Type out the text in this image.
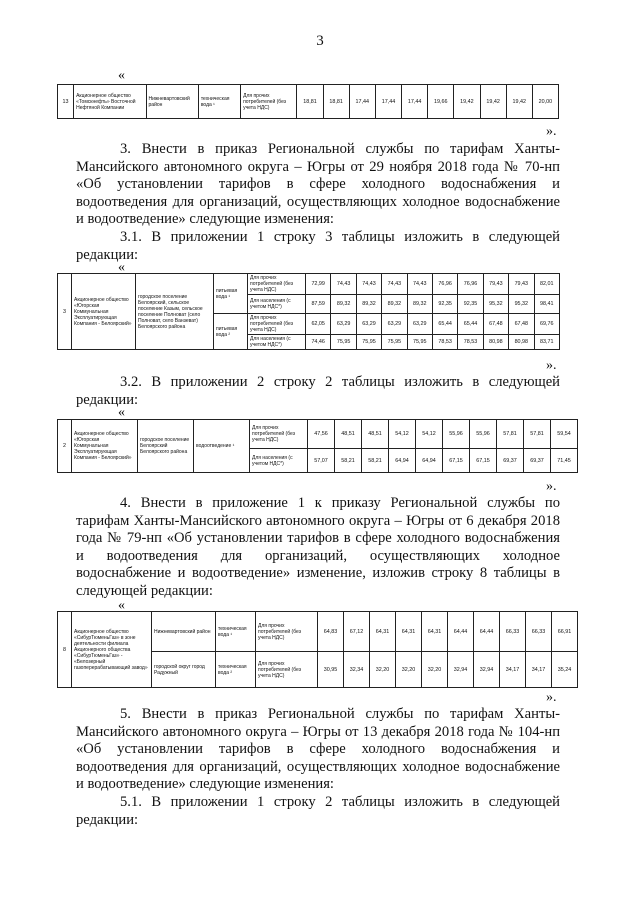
3
«
13	Акционерное общество «Томскнефть» Восточной Нефтяной Компании	Нижневартовский район	техническая вода ¹	Для прочих потребителей (без учета НДС)	18,81	18,81	17,44	17,44	17,44	19,66	19,42	19,42	19,42	20,00
».
3. Внести в приказ Региональной службы по тарифам Ханты-Мансийского автономного округа – Югры от 29 ноября 2018 года № 70-нп «Об установлении тарифов в сфере холодного водоснабжения и водоотведения для организаций, осуществляющих холодное водоснабжение и водоотведение» следующие изменения:
3.1. В приложении 1 строку 3 таблицы изложить в следующей редакции:
«
3	Акционерное общество «Югорская Коммунальная Эксплуатирующая Компания - Белоярский»	городское поселение Белоярский, сельское поселение Казым, сельское поселение Полноват (село Полноват, село Ванзеват) Белоярского района	питьевая вода ¹	Для прочих потребителей (без учета НДС)	72,99	74,43	74,43	74,43	74,43	76,96	76,96	79,43	79,43	82,01
				Для населения (с учетом НДС*)	87,59	89,32	89,32	89,32	89,32	92,35	92,35	95,32	95,32	98,41
			питьевая вода ²	Для прочих потребителей (без учета НДС)	62,05	63,29	63,29	63,29	63,29	65,44	65,44	67,48	67,48	69,76
				Для населения (с учетом НДС*)	74,46	75,95	75,95	75,95	75,95	78,53	78,53	80,98	80,98	83,71
».
3.2. В приложении 2 строку 2 таблицы изложить в следующей редакции:
«
2	Акционерное общество «Югорская Коммунальная Эксплуатирующая Компания - Белоярский»	городское поселение Белоярский Белоярского района	водоотведение ¹	Для прочих потребителей (без учета НДС)	47,56	48,51	48,51	54,12	54,12	55,96	55,96	57,81	57,81	59,54
				Для населения (с учетом НДС*)	57,07	58,21	58,21	64,94	64,94	67,15	67,15	69,37	69,37	71,45
».
4. Внести в приложение 1 к приказу Региональной службы по тарифам Ханты-Мансийского автономного округа – Югры от 6 декабря 2018 года № 79-нп «Об установлении тарифов в сфере холодного водоснабжения и водоотведения для организаций, осуществляющих холодное водоснабжение и водоотведение» изменение, изложив строку 8 таблицы в следующей редакции:
«
8	Акционерное общество «СибурТюменьГаз» в зоне деятельности филиала Акционерного общества «СибурТюменьГаз» - «Белозерный газоперерабатывающий завод»	Нижневартовский район	техническая вода ¹	Для прочих потребителей (без учета НДС)	64,83	67,12	64,31	64,31	64,31	64,44	64,44	66,33	66,33	66,91
		городской округ город Радужный	техническая вода ²	Для прочих потребителей (без учета НДС)	30,95	32,34	32,20	32,20	32,20	32,94	32,94	34,17	34,17	35,24
».
5. Внести в приказ Региональной службы по тарифам Ханты-Мансийского автономного округа – Югры от 13 декабря 2018 года № 104-нп «Об установлении тарифов в сфере холодного водоснабжения и водоотведения для организаций, осуществляющих холодное водоснабжение и водоотведение» следующие изменения:
5.1. В приложении 1 строку 2 таблицы изложить в следующей редакции:
